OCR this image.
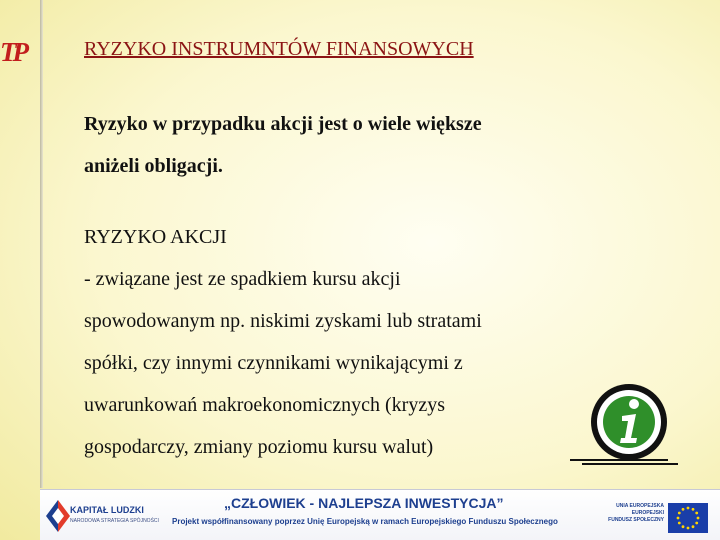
TP	RYZYKO INSTRUMNTÓW FINANSOWYCH
Ryzyko w przypadku akcji jest o wiele większe
aniżeli obligacji.
RYZYKO AKCJI
- związane jest ze spadkiem kursu akcji
spowodowanym np. niskimi zyskami lub stratami
spółki, czy innymi czynnikami wynikającymi z
uwarunkowań makroekonomicznych (kryzys
gospodarczy, zmiany poziomu kursu walut)
KAPITAŁ LUDZKI
NARODOWA STRATEGIA SPÓJNOŚCI
„CZŁOWIEK - NAJLEPSZA INWESTYCJA”
Projekt współfinansowany poprzez Unię Europejską w ramach Europejskiego Funduszu Społecznego
UNIA EUROPEJSKA
EUROPEJSKI
FUNDUSZ SPOŁECZNY
